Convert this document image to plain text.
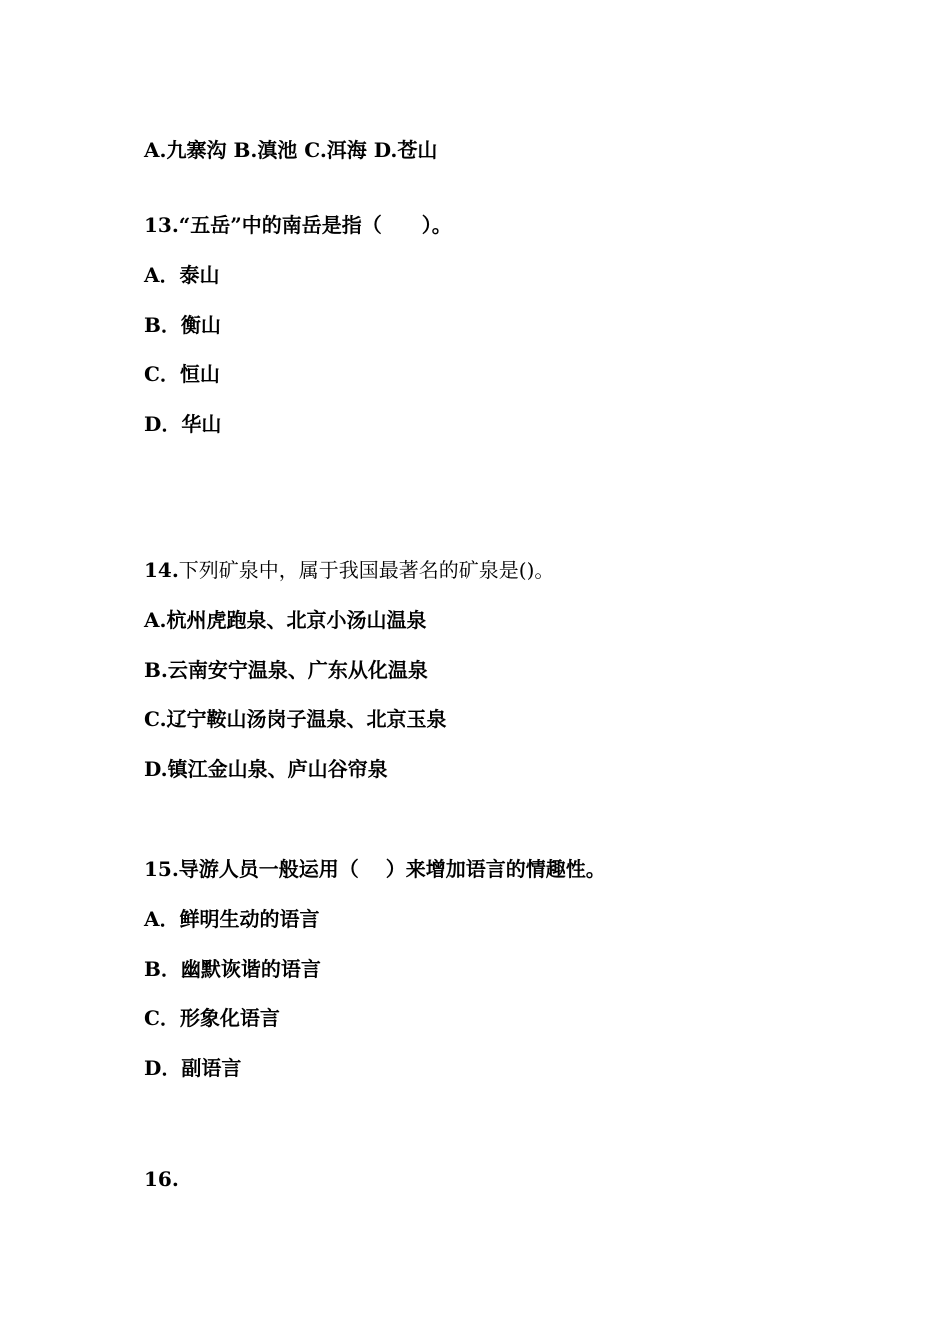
A.九寨沟 B.滇池 C.洱海 D.苍山
13.“五岳”中的南岳是指（　　）。
A．泰山
B．衡山
C．恒山
D．华山
14.下列矿泉中，属于我国最著名的矿泉是()。
A.杭州虎跑泉、北京小汤山温泉
B.云南安宁温泉、广东从化温泉
C.辽宁鞍山汤岗子温泉、北京玉泉
D.镇江金山泉、庐山谷帘泉
15.导游人员一般运用（　 ）来增加语言的情趣性。
A．鲜明生动的语言
B．幽默诙谐的语言
C．形象化语言
D．副语言
16.
